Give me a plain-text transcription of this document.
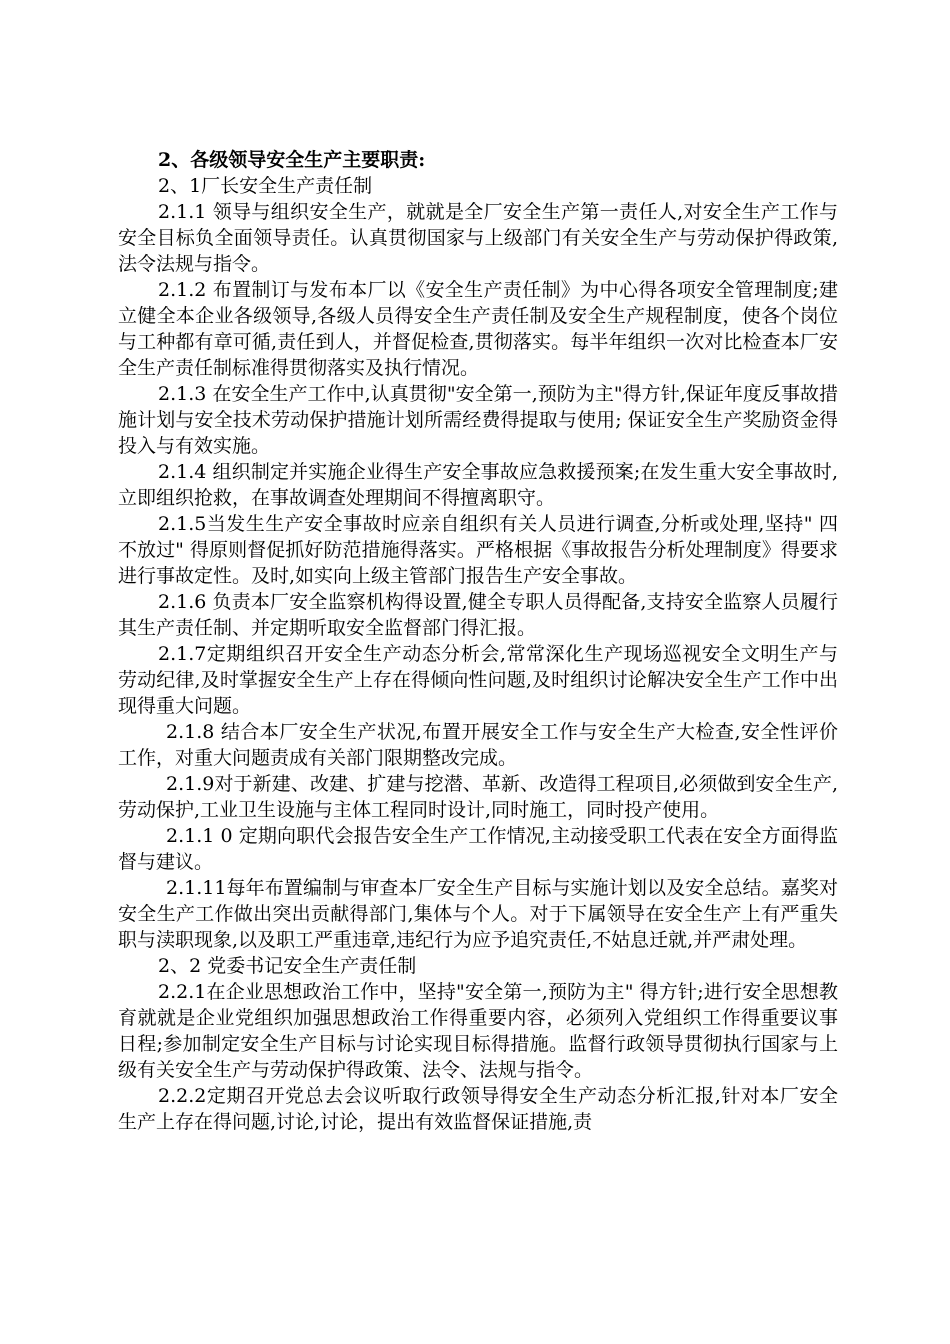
2、各级领导安全生产主要职责:

2、1厂长安全生产责任制

2.1.1 领导与组织安全生产，就就是全厂安全生产第一责任人,对安全生产工作与安全目标负全面领导责任。认真贯彻国家与上级部门有关安全生产与劳动保护得政策,法令法规与指令。

2.1.2 布置制订与发布本厂以《安全生产责任制》为中心得各项安全管理制度;建立健全本企业各级领导,各级人员得安全生产责任制及安全生产规程制度，使各个岗位与工种都有章可循,责任到人，并督促检查,贯彻落实。每半年组织一次对比检查本厂安全生产责任制标准得贯彻落实及执行情况。

2.1.3 在安全生产工作中,认真贯彻"安全第一,预防为主"得方针,保证年度反事故措施计划与安全技术劳动保护措施计划所需经费得提取与使用; 保证安全生产奖励资金得投入与有效实施。

2.1.4 组织制定并实施企业得生产安全事故应急救援预案;在发生重大安全事故时,立即组织抢救，在事故调查处理期间不得擅离职守。

2.1.5当发生生产安全事故时应亲自组织有关人员进行调查,分析或处理,坚持" 四不放过" 得原则督促抓好防范措施得落实。严格根据《事故报告分析处理制度》得要求进行事故定性。及时,如实向上级主管部门报告生产安全事故。

2.1.6 负责本厂安全监察机构得设置,健全专职人员得配备,支持安全监察人员履行其生产责任制、并定期听取安全监督部门得汇报。

2.1.7定期组织召开安全生产动态分析会,常常深化生产现场巡视安全文明生产与劳动纪律,及时掌握安全生产上存在得倾向性问题,及时组织讨论解决安全生产工作中出现得重大问题。

2.1.8 结合本厂安全生产状况,布置开展安全工作与安全生产大检查,安全性评价工作，对重大问题责成有关部门限期整改完成。

2.1.9对于新建、改建、扩建与挖潜、革新、改造得工程项目,必须做到安全生产,劳动保护,工业卫生设施与主体工程同时设计,同时施工，同时投产使用。

2.1.1 0 定期向职代会报告安全生产工作情况,主动接受职工代表在安全方面得监督与建议。

2.1.11每年布置编制与审查本厂安全生产目标与实施计划以及安全总结。嘉奖对安全生产工作做出突出贡献得部门,集体与个人。对于下属领导在安全生产上有严重失职与渎职现象,以及职工严重违章,违纪行为应予追究责任,不姑息迁就,并严肃处理。

2、2 党委书记安全生产责任制

2.2.1在企业思想政治工作中，坚持"安全第一,预防为主" 得方针;进行安全思想教育就就是企业党组织加强思想政治工作得重要内容，必须列入党组织工作得重要议事日程;参加制定安全生产目标与讨论实现目标得措施。监督行政领导贯彻执行国家与上级有关安全生产与劳动保护得政策、法令、法规与指令。

2.2.2定期召开党总去会议听取行政领导得安全生产动态分析汇报,针对本厂安全生产上存在得问题,讨论,讨论，提出有效监督保证措施,责
